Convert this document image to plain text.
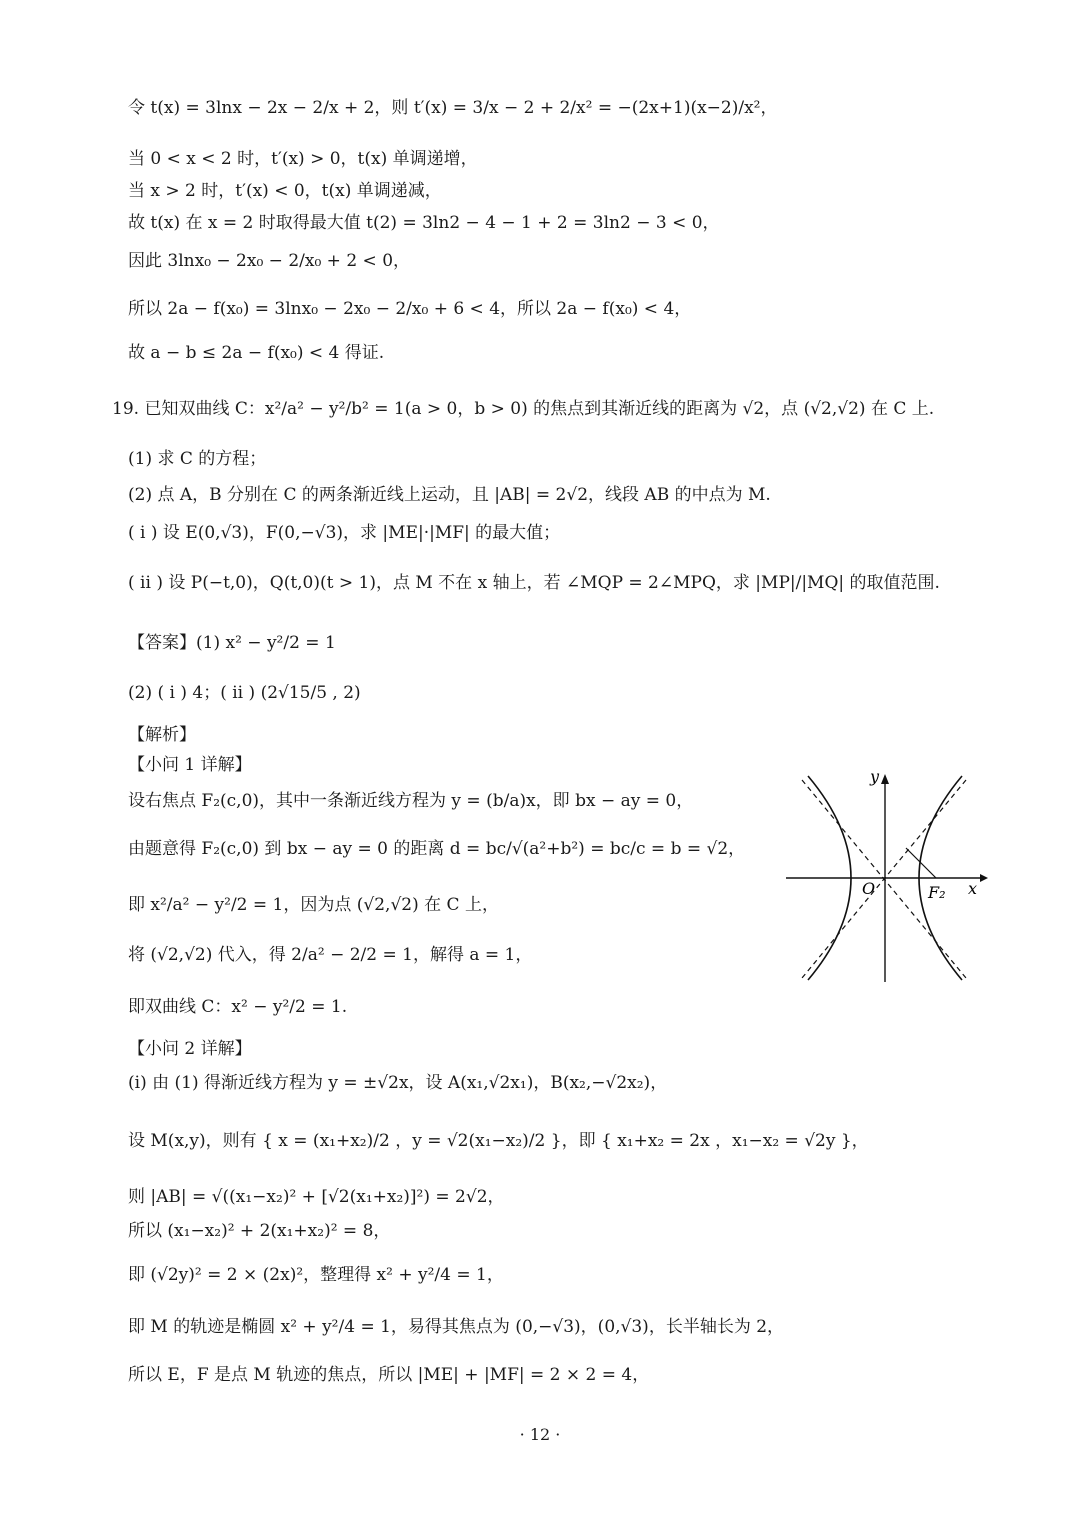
令 t(x) = 3lnx − 2x − 2/x + 2，则 t′(x) = 3/x − 2 + 2/x² = −(2x+1)(x−2)/x²，
当 0 < x < 2 时，t′(x) > 0，t(x) 单调递增，
当 x > 2 时，t′(x) < 0，t(x) 单调递减，
故 t(x) 在 x = 2 时取得最大值 t(2) = 3ln2 − 4 − 1 + 2 = 3ln2 − 3 < 0，
因此 3lnx₀ − 2x₀ − 2/x₀ + 2 < 0，
所以 2a − f(x₀) = 3lnx₀ − 2x₀ − 2/x₀ + 6 < 4，所以 2a − f(x₀) < 4，
故 a − b ≤ 2a − f(x₀) < 4 得证.
19. 已知双曲线 C：x²/a² − y²/b² = 1(a > 0，b > 0) 的焦点到其渐近线的距离为 √2，点 (√2,√2) 在 C 上.
(1) 求 C 的方程；
(2) 点 A，B 分别在 C 的两条渐近线上运动，且 |AB| = 2√2，线段 AB 的中点为 M.
( i ) 设 E(0,√3)，F(0,−√3)，求 |ME|·|MF| 的最大值；
( ii ) 设 P(−t,0)，Q(t,0)(t > 1)，点 M 不在 x 轴上，若 ∠MQP = 2∠MPQ，求 |MP|/|MQ| 的取值范围.
【答案】(1) x² − y²/2 = 1
(2) ( i ) 4；( ii ) (2√15/5 , 2)
【解析】
【小问 1 详解】
设右焦点 F₂(c,0)，其中一条渐近线方程为 y = (b/a)x，即 bx − ay = 0，
由题意得 F₂(c,0) 到 bx − ay = 0 的距离 d = bc/√(a²+b²) = bc/c = b = √2，
即 x²/a² − y²/2 = 1，因为点 (√2,√2) 在 C 上，
将 (√2,√2) 代入，得 2/a² − 2/2 = 1，解得 a = 1，
即双曲线 C：x² − y²/2 = 1.
【小问 2 详解】
(i) 由 (1) 得渐近线方程为 y = ±√2x，设 A(x₁,√2x₁)，B(x₂,−√2x₂)，
设 M(x,y)，则有 { x = (x₁+x₂)/2 ，y = √2(x₁−x₂)/2 }，即 { x₁+x₂ = 2x ，x₁−x₂ = √2y }，
则 |AB| = √((x₁−x₂)² + [√2(x₁+x₂)]²) = 2√2，
所以 (x₁−x₂)² + 2(x₁+x₂)² = 8，
即 (√2y)² = 2 × (2x)²，整理得 x² + y²/4 = 1，
即 M 的轨迹是椭圆 x² + y²/4 = 1，易得其焦点为 (0,−√3)，(0,√3)，长半轴长为 2，
所以 E，F 是点 M 轨迹的焦点，所以 |ME| + |MF| = 2 × 2 = 4，
y
x
O	F₂
· 12 ·
